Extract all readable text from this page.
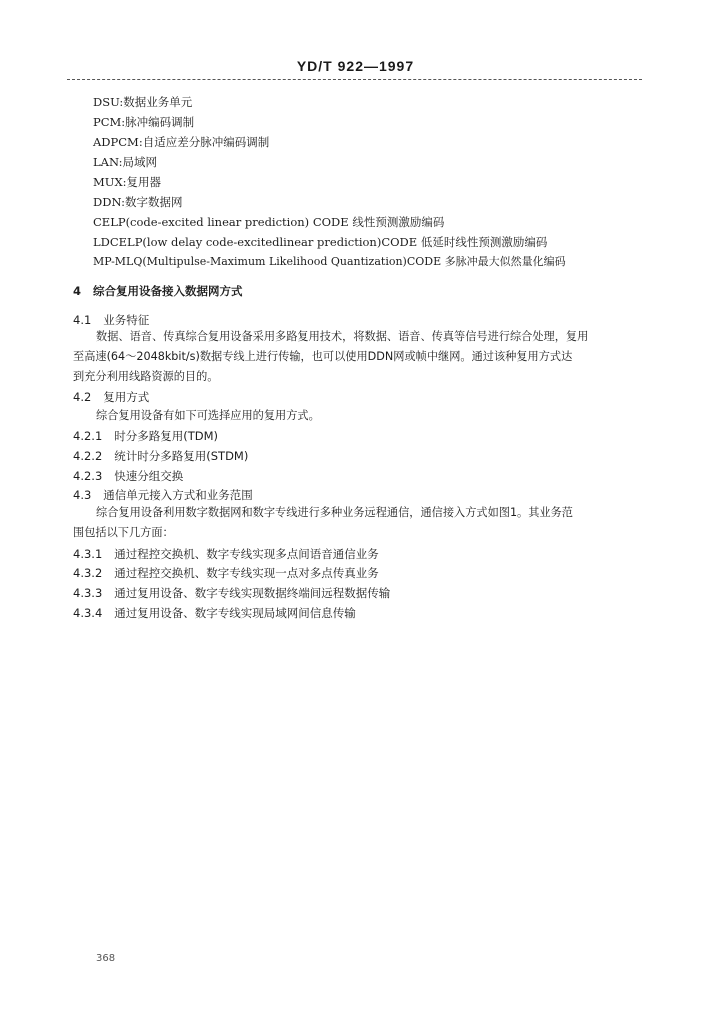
YD/T 922—1997
DSU:数据业务单元
PCM:脉冲编码调制
ADPCM:自适应差分脉冲编码调制
LAN:局域网
MUX:复用器
DDN:数字数据网
CELP(code-excited linear prediction) CODE 线性预测激励编码
LDCELP(low delay code-excitedlinear prediction)CODE 低延时线性预测激励编码
MP-MLQ(Multipulse-Maximum Likelihood Quantization)CODE 多脉冲最大似然量化编码
4 综合复用设备接入数据网方式
4.1 业务特征
数据、语音、传真综合复用设备采用多路复用技术，将数据、语音、传真等信号进行综合处理，复用
至高速(64～2048kbit/s)数据专线上进行传输，也可以使用DDN网或帧中继网。通过该种复用方式达
到充分利用线路资源的目的。
4.2 复用方式
综合复用设备有如下可选择应用的复用方式。
4.2.1 时分多路复用(TDM)
4.2.2 统计时分多路复用(STDM)
4.2.3 快速分组交换
4.3 通信单元接入方式和业务范围
综合复用设备利用数字数据网和数字专线进行多种业务远程通信，通信接入方式如图1。其业务范
围包括以下几方面：
4.3.1 通过程控交换机、数字专线实现多点间语音通信业务
4.3.2 通过程控交换机、数字专线实现一点对多点传真业务
4.3.3 通过复用设备、数字专线实现数据终端间远程数据传输
4.3.4 通过复用设备、数字专线实现局域网间信息传输
368
